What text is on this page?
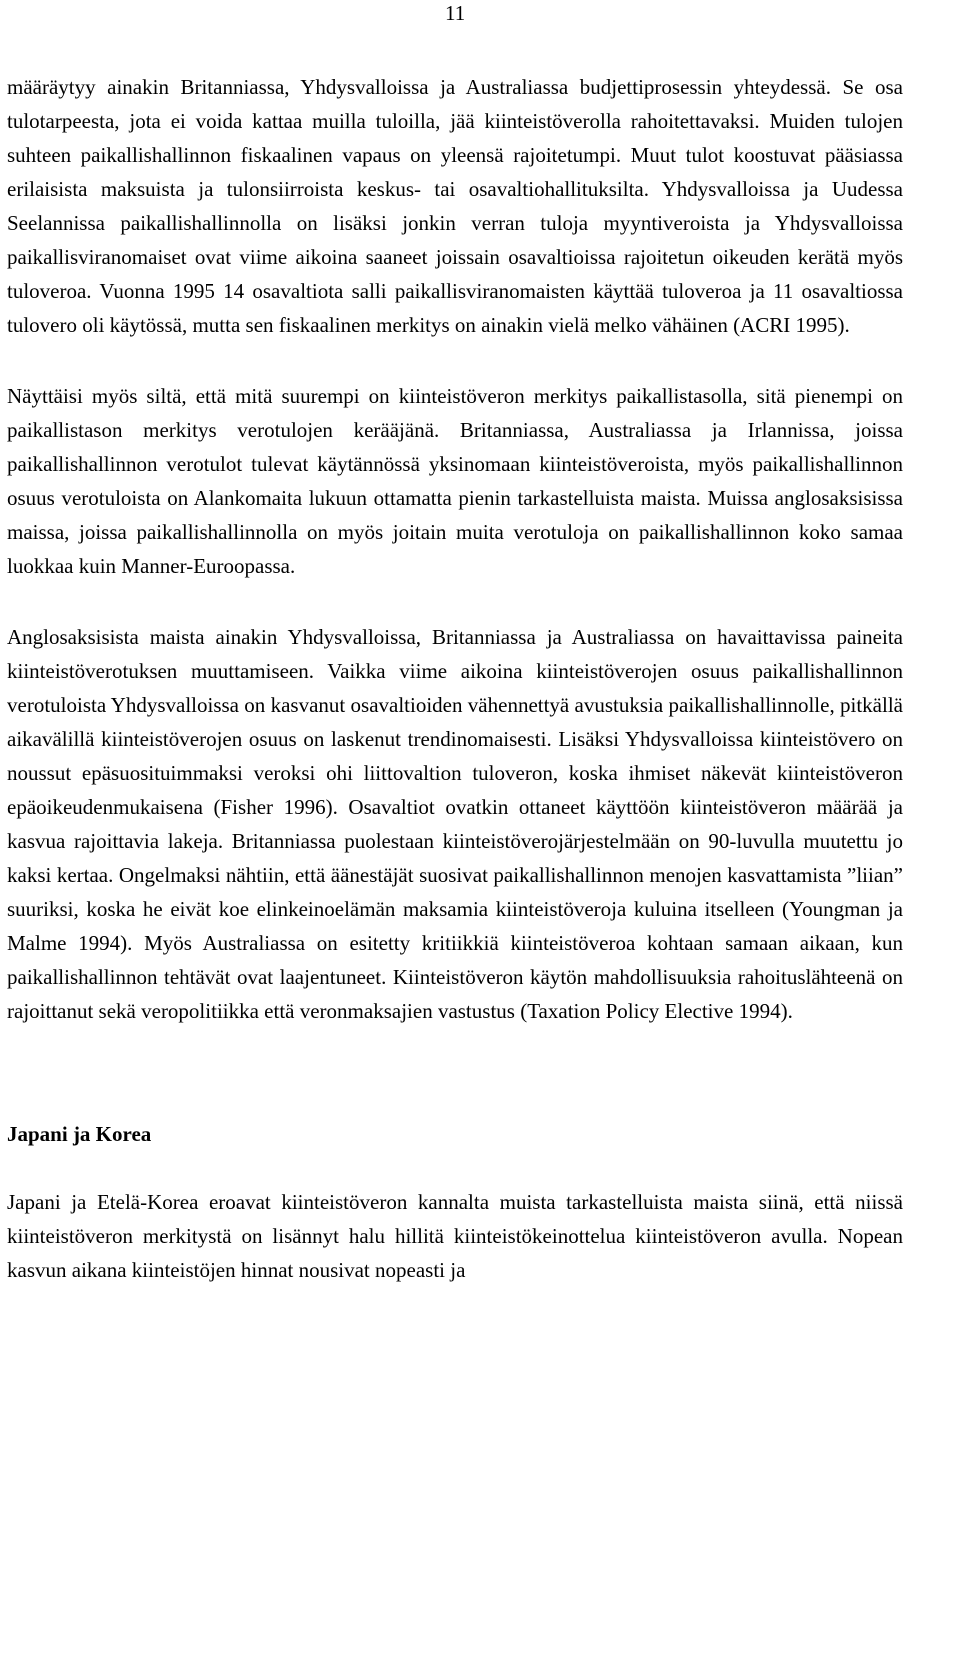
11

määräytyy ainakin Britanniassa, Yhdysvalloissa ja Australiassa budjettiprosessin yhteydessä. Se osa tulotarpeesta, jota ei voida kattaa muilla tuloilla, jää kiinteistöverolla rahoitettavaksi. Muiden tulojen suhteen paikallishallinnon fiskaalinen vapaus on yleensä rajoitetumpi. Muut tulot koostuvat pääsiassa erilaisista maksuista ja tulonsiirroista keskus- tai osavaltiohallituksilta. Yhdysvalloissa ja Uudessa Seelannissa paikallishallinnolla on lisäksi jonkin verran tuloja myyntiveroista ja Yhdysvalloissa paikallisviranomaiset ovat viime aikoina saaneet joissain osavaltioissa rajoitetun oikeuden kerätä myös tuloveroa. Vuonna 1995 14 osavaltiota salli paikallisviranomaisten käyttää tuloveroa ja 11 osavaltiossa tulovero oli käytössä, mutta sen fiskaalinen merkitys on ainakin vielä melko vähäinen (ACRI 1995).

Näyttäisi myös siltä, että mitä suurempi on kiinteistöveron merkitys paikallistasolla, sitä pienempi on paikallistason merkitys verotulojen kerääjänä. Britanniassa, Australiassa ja Irlannissa, joissa paikallishallinnon verotulot tulevat käytännössä yksinomaan kiinteistöveroista, myös paikallishallinnon osuus verotuloista on Alankomaita lukuun ottamatta pienin tarkastelluista maista. Muissa anglosaksisissa maissa, joissa paikallishallinnolla on myös joitain muita verotuloja on paikallishallinnon koko samaa luokkaa kuin Manner-Euroopassa.

Anglosaksisista maista ainakin Yhdysvalloissa, Britanniassa ja Australiassa on havaittavissa paineita kiinteistöverotuksen muuttamiseen. Vaikka viime aikoina kiinteistöverojen osuus paikallishallinnon verotuloista Yhdysvalloissa on kasvanut osavaltioiden vähennettyä avustuksia paikallishallinnolle, pitkällä aikavälillä kiinteistöverojen osuus on laskenut trendinomaisesti. Lisäksi Yhdysvalloissa kiinteistövero on noussut epäsuosituimmaksi veroksi ohi liittovaltion tuloveron, koska ihmiset näkevät kiinteistöveron epäoikeudenmukaisena (Fisher 1996). Osavaltiot ovatkin ottaneet käyttöön kiinteistöveron määrää ja kasvua rajoittavia lakeja. Britanniassa puolestaan kiinteistöverojärjestelmään on 90-luvulla muutettu jo kaksi kertaa. Ongelmaksi nähtiin, että äänestäjät suosivat paikallishallinnon menojen kasvattamista ”liian” suuriksi, koska he eivät koe elinkeinoelämän maksamia kiinteistöveroja kuluina itselleen (Youngman ja Malme 1994). Myös Australiassa on esitetty kritiikkiä kiinteistöveroa kohtaan samaan aikaan, kun paikallishallinnon tehtävät ovat laajentuneet. Kiinteistöveron käytön mahdollisuuksia rahoituslähteenä on rajoittanut sekä veropolitiikka että veronmaksajien vastustus (Taxation Policy Elective 1994).

Japani ja Korea

Japani ja Etelä-Korea eroavat kiinteistöveron kannalta muista tarkastelluista maista siinä, että niissä kiinteistöveron merkitystä on lisännyt halu hillitä kiinteistökeinottelua kiinteistöveron avulla. Nopean kasvun aikana kiinteistöjen hinnat nousivat nopeasti ja
